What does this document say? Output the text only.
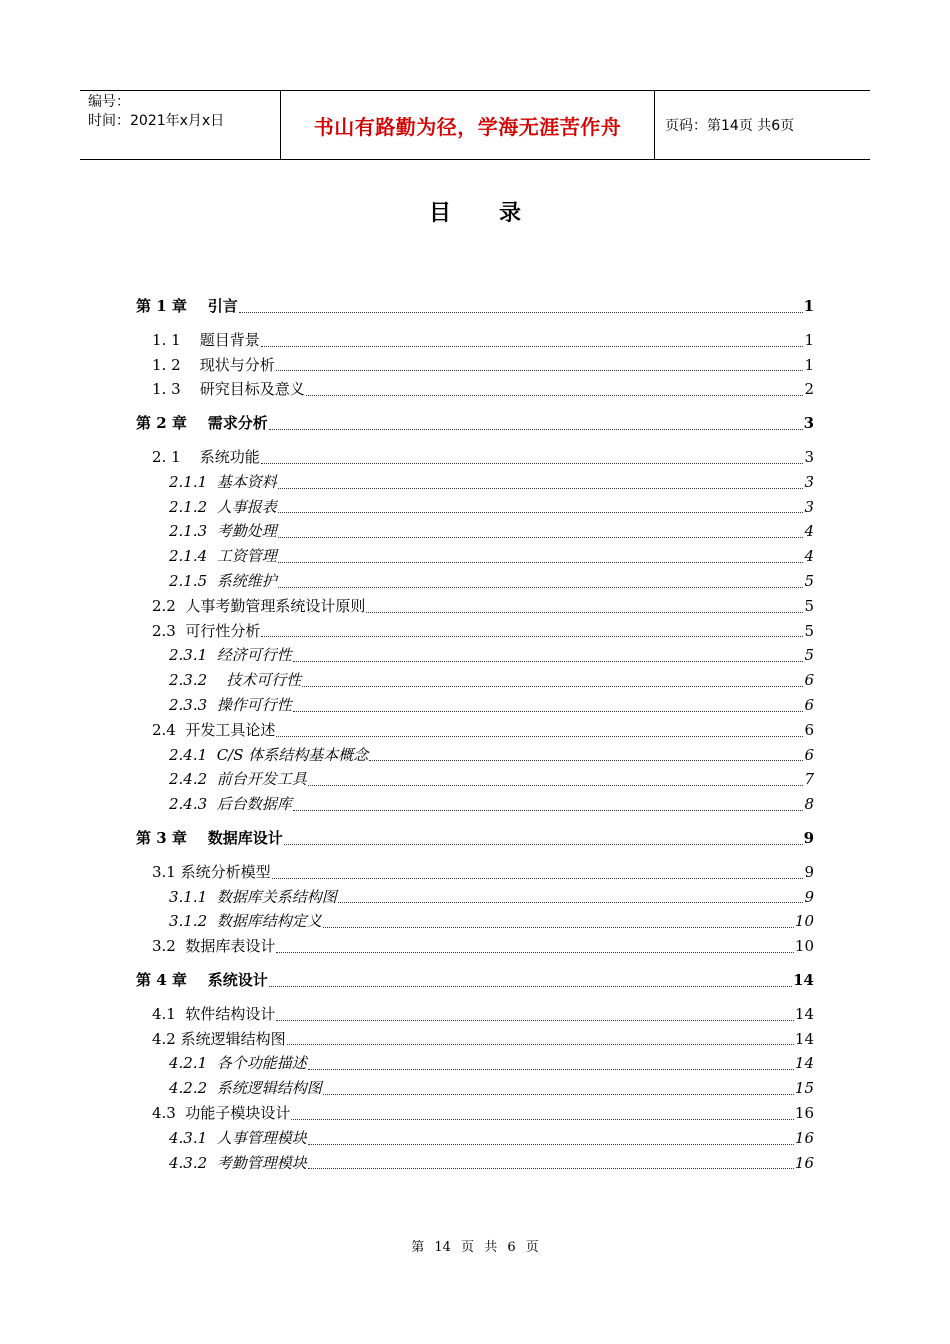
编号：
时间：2021年x月x日	书山有路勤为径，学海无涯苦作舟	页码：第14页 共6页
目录
第 1 章    引言	1
1. 1    题目背景	1
1. 2    现状与分析	1
1. 3    研究目标及意义	2
第 2 章    需求分析	3
2. 1    系统功能	3
2.1.1  基本资料	3
2.1.2  人事报表	3
2.1.3  考勤处理	4
2.1.4  工资管理	4
2.1.5  系统维护	5
2.2  人事考勤管理系统设计原则	5
2.3  可行性分析	5
2.3.1  经济可行性	5
2.3.2    技术可行性	6
2.3.3  操作可行性	6
2.4  开发工具论述	6
2.4.1  C/S 体系结构基本概念	6
2.4.2  前台开发工具	7
2.4.3  后台数据库	8
第 3 章    数据库设计	9
3.1 系统分析模型	9
3.1.1  数据库关系结构图	9
3.1.2  数据库结构定义	10
3.2  数据库表设计	10
第 4 章    系统设计	14
4.1  软件结构设计	14
4.2 系统逻辑结构图	14
4.2.1  各个功能描述	14
4.2.2  系统逻辑结构图	15
4.3  功能子模块设计	16
4.3.1  人事管理模块	16
4.3.2  考勤管理模块	16
第 14 页 共 6 页
